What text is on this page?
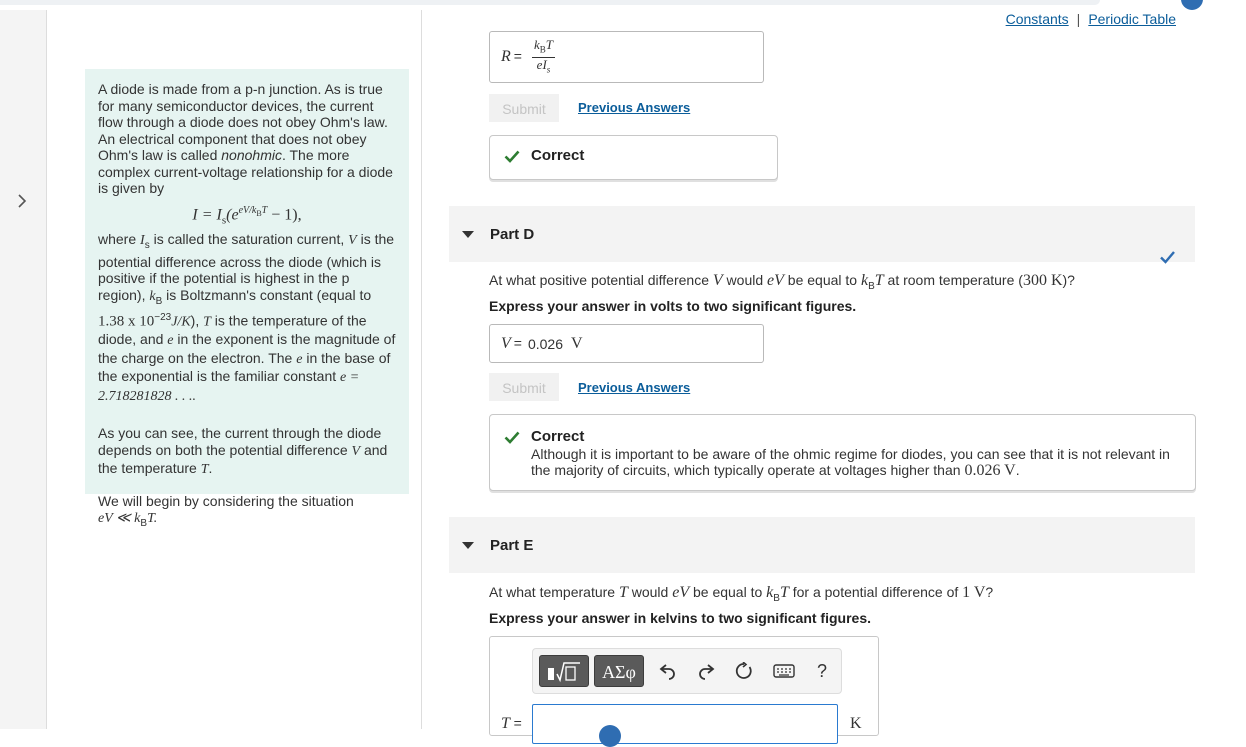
A diode is made from a p-n junction. As is true for many semiconductor devices, the current flow through a diode does not obey Ohm's law. An electrical component that does not obey Ohm's law is called nonohmic. The more complex current-voltage relationship for a diode is given by

$I = I_s(e^{eV/k_BT} - 1)$,

where $I_s$ is called the saturation current, V is the potential difference across the diode (which is positive if the potential is highest in the p region), $k_B$ is Boltzmann's constant (equal to 1.38 x $10^{-23}J/K$), T is the temperature of the diode, and e in the exponent is the magnitude of the charge on the electron. The e in the base of the exponential is the familiar constant e = 2.718281828 . . ..

As you can see, the current through the diode depends on both the potential difference V and the temperature T.

We will begin by considering the situation
eV ≪ $k_BT$.

Constants | Periodic Table
$R = \frac{k_BT}{eI_s}$
Submit	Previous Answers
Correct
Part D
At what positive potential difference V would eV be equal to $k_BT$ at room temperature (300 K)?
Express your answer in volts to two significant figures.
V = 0.026 V
Submit	Previous Answers
Correct
Although it is important to be aware of the ohmic regime for diodes, you can see that it is not relevant in the majority of circuits, which typically operate at voltages higher than 0.026 V.
Part E
At what temperature T would eV be equal to $k_BT$ for a potential difference of 1 V?
Express your answer in kelvins to two significant figures.
ΑΣφ	?
T =	K
